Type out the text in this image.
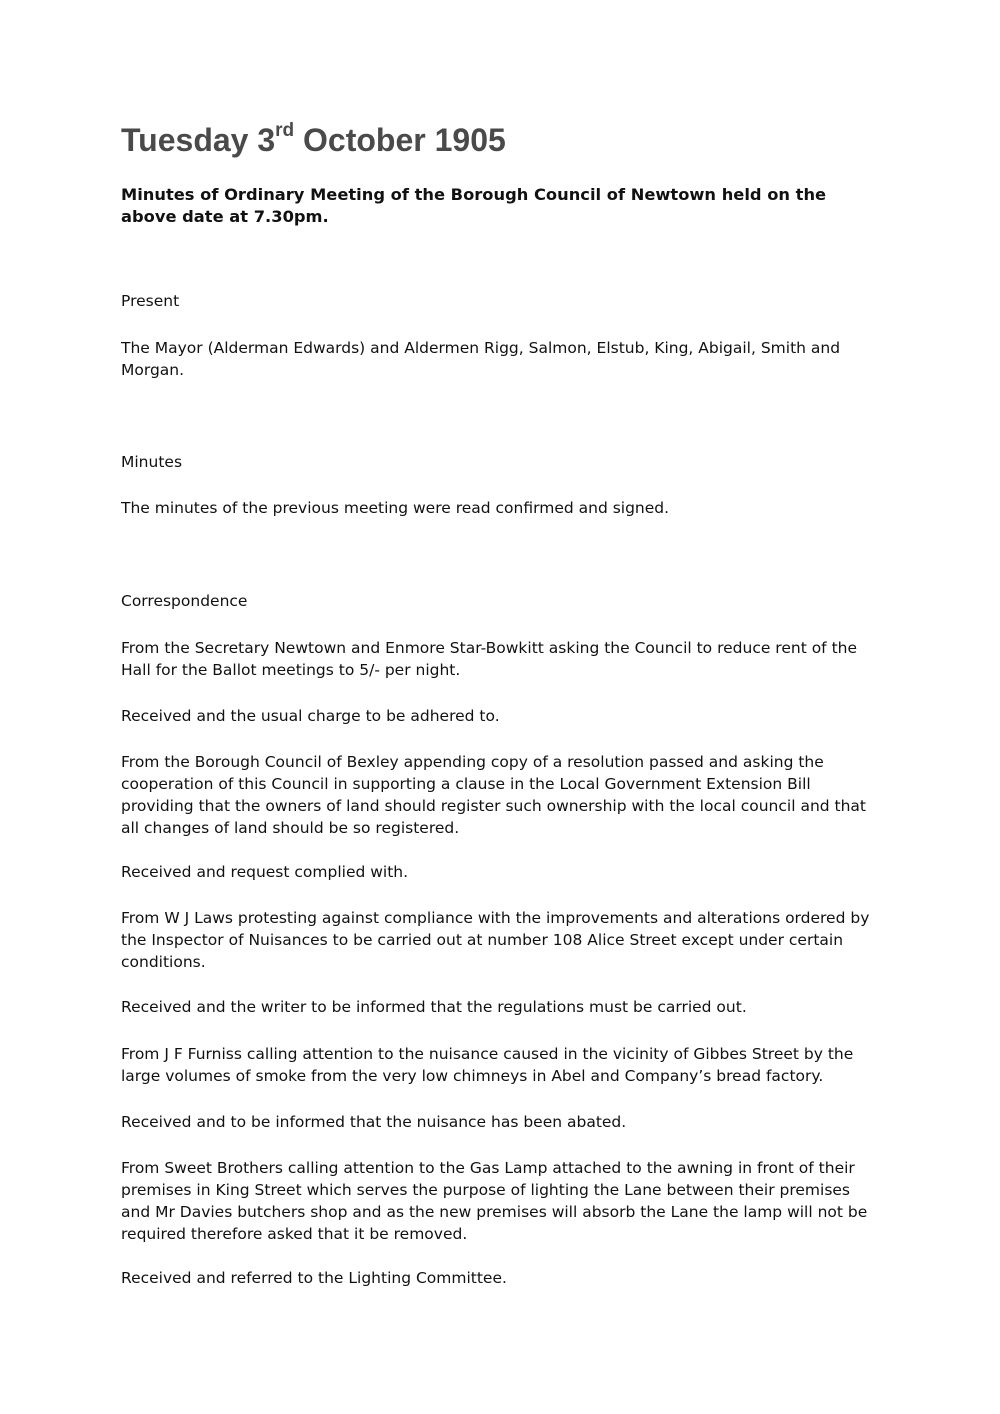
Tuesday 3rd October 1905

Minutes of Ordinary Meeting of the Borough Council of Newtown held on the above date at 7.30pm.

Present

The Mayor (Alderman Edwards) and Aldermen Rigg, Salmon, Elstub, King, Abigail, Smith and Morgan.

Minutes

The minutes of the previous meeting were read confirmed and signed.

Correspondence

From the Secretary Newtown and Enmore Star-Bowkitt asking the Council to reduce rent of the Hall for the Ballot meetings to 5/- per night.

Received and the usual charge to be adhered to.

From the Borough Council of Bexley appending copy of a resolution passed and asking the cooperation of this Council in supporting a clause in the Local Government Extension Bill providing that the owners of land should register such ownership with the local council and that all changes of land should be so registered.

Received and request complied with.

From W J Laws protesting against compliance with the improvements and alterations ordered by the Inspector of Nuisances to be carried out at number 108 Alice Street except under certain conditions.

Received and the writer to be informed that the regulations must be carried out.

From J F Furniss calling attention to the nuisance caused in the vicinity of Gibbes Street by the large volumes of smoke from the very low chimneys in Abel and Company’s bread factory.

Received and to be informed that the nuisance has been abated.

From Sweet Brothers calling attention to the Gas Lamp attached to the awning in front of their premises in King Street which serves the purpose of lighting the Lane between their premises and Mr Davies butchers shop and as the new premises will absorb the Lane the lamp will not be required therefore asked that it be removed.

Received and referred to the Lighting Committee.
